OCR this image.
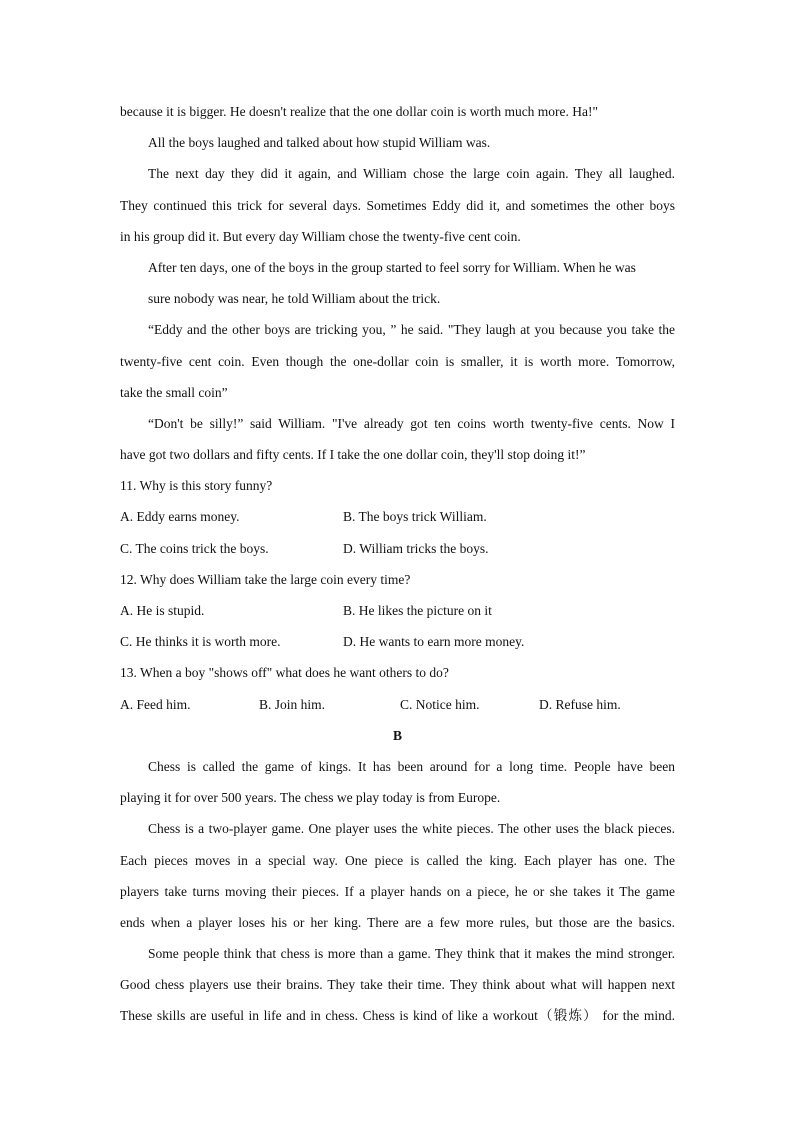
because it is bigger. He doesn't realize that the one dollar coin is worth much more. Ha!"
All the boys laughed and talked about how stupid William was.
The next day they did it again, and William chose the large coin again. They all laughed.
They continued this trick for several days. Sometimes Eddy did it, and sometimes the other boys
in his group did it. But every day William chose the twenty-five cent coin.
After ten days, one of the boys in the group started to feel sorry for William. When he was
sure nobody was near, he told William about the trick.
“Eddy and the other boys are tricking you, ” he said. "They laugh at you because you take the
twenty-five cent coin. Even though the one-dollar coin is smaller, it is worth more. Tomorrow,
take the small coin”
“Don't be silly!” said William. "I've already got ten coins worth twenty-five cents. Now I
have got two dollars and fifty cents. If I take the one dollar coin, they'll stop doing it!”
11. Why is this story funny?
A. Eddy earns money.	B. The boys trick William.
C. The coins trick the boys.	D. William tricks the boys.
12. Why does William take the large coin every time?
A. He is stupid.	B. He likes the picture on it
C. He thinks it is worth more.	D. He wants to earn more money.
13. When a boy "shows off" what does he want others to do?
A. Feed him.	B. Join him.	C. Notice him.	D. Refuse him.
B
Chess is called the game of kings. It has been around for a long time. People have been
playing it for over 500 years. The chess we play today is from Europe.
Chess is a two-player game. One player uses the white pieces. The other uses the black pieces.
Each pieces moves in a special way. One piece is called the king. Each player has one. The
players take turns moving their pieces. If a player hands on a piece, he or she takes it The game
ends when a player loses his or her king. There are a few more rules, but those are the basics.
Some people think that chess is more than a game. They think that it makes the mind stronger.
Good chess players use their brains. They take their time. They think about what will happen next
These skills are useful in life and in chess. Chess is kind of like a workout（锻炼） for the mind.
